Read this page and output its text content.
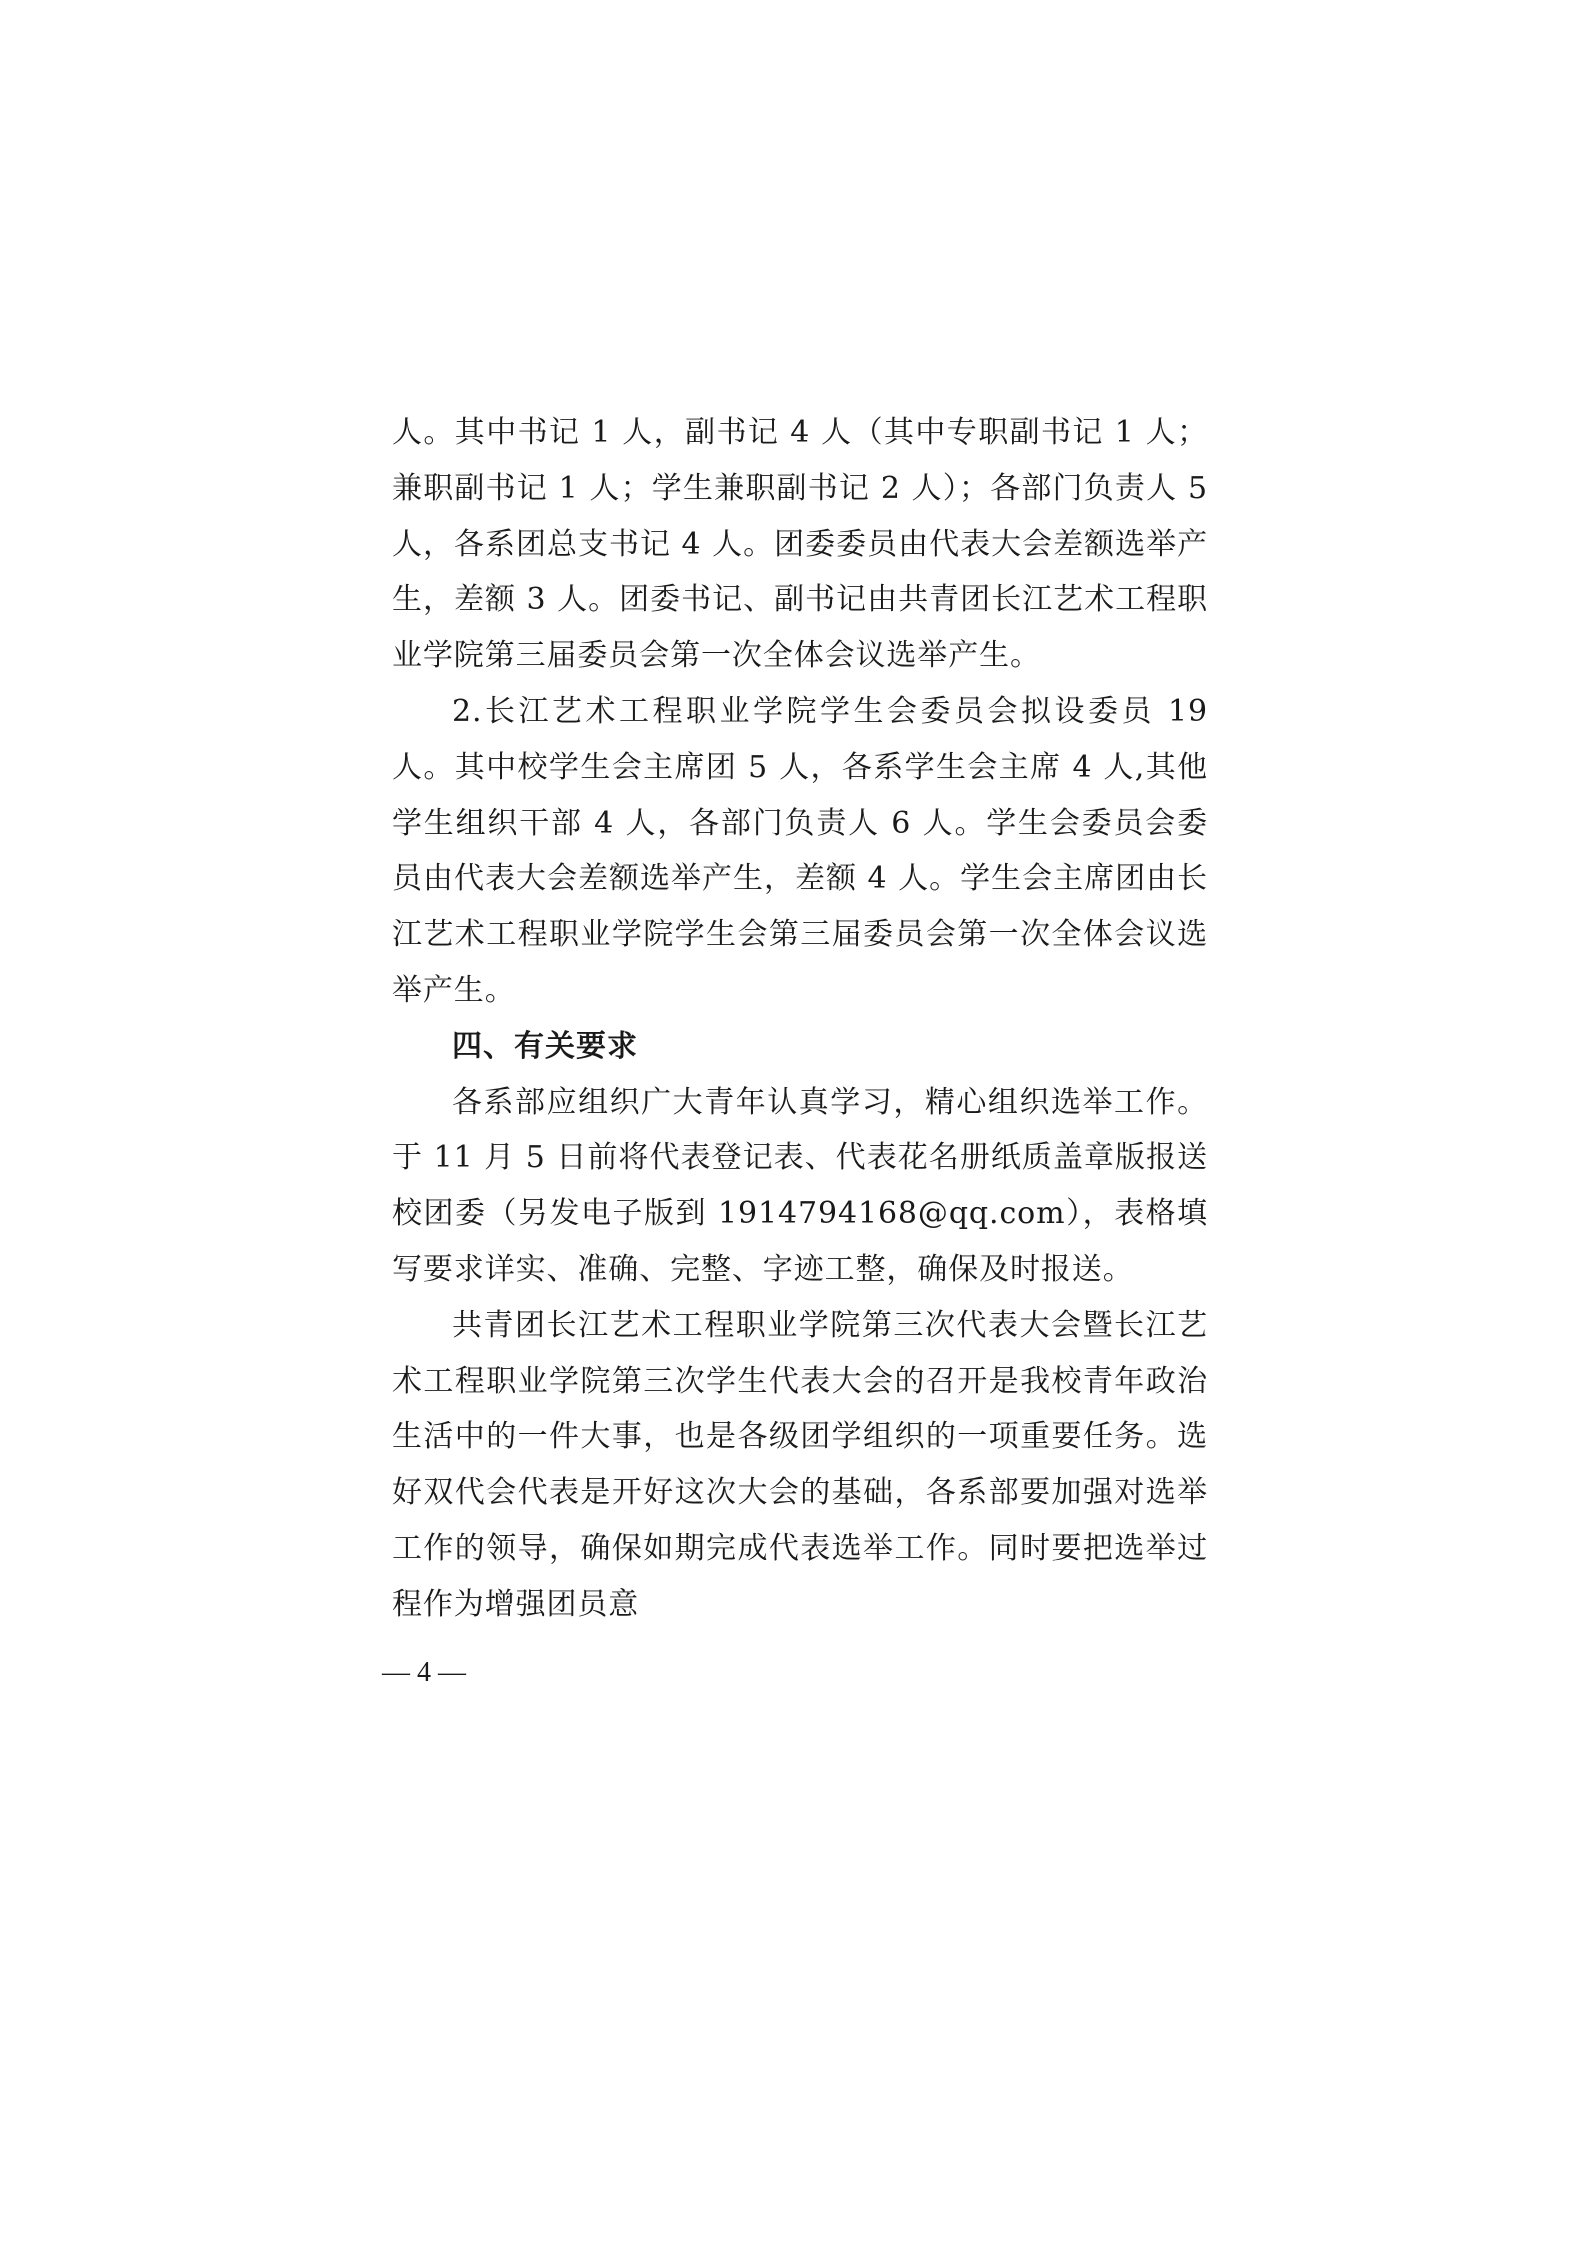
人。其中书记 1 人，副书记 4 人（其中专职副书记 1 人；兼职副书记 1 人；学生兼职副书记 2 人）；各部门负责人 5 人，各系团总支书记 4 人。团委委员由代表大会差额选举产生，差额 3 人。团委书记、副书记由共青团长江艺术工程职业学院第三届委员会第一次全体会议选举产生。

2.长江艺术工程职业学院学生会委员会拟设委员 19 人。其中校学生会主席团 5 人，各系学生会主席 4 人,其他学生组织干部 4 人，各部门负责人 6 人。学生会委员会委员由代表大会差额选举产生，差额 4 人。学生会主席团由长江艺术工程职业学院学生会第三届委员会第一次全体会议选举产生。

四、有关要求

各系部应组织广大青年认真学习，精心组织选举工作。于 11 月 5 日前将代表登记表、代表花名册纸质盖章版报送校团委（另发电子版到 1914794168@qq.com），表格填写要求详实、准确、完整、字迹工整，确保及时报送。

共青团长江艺术工程职业学院第三次代表大会暨长江艺术工程职业学院第三次学生代表大会的召开是我校青年政治生活中的一件大事，也是各级团学组织的一项重要任务。选好双代会代表是开好这次大会的基础，各系部要加强对选举工作的领导，确保如期完成代表选举工作。同时要把选举过程作为增强团员意

— 4 —
